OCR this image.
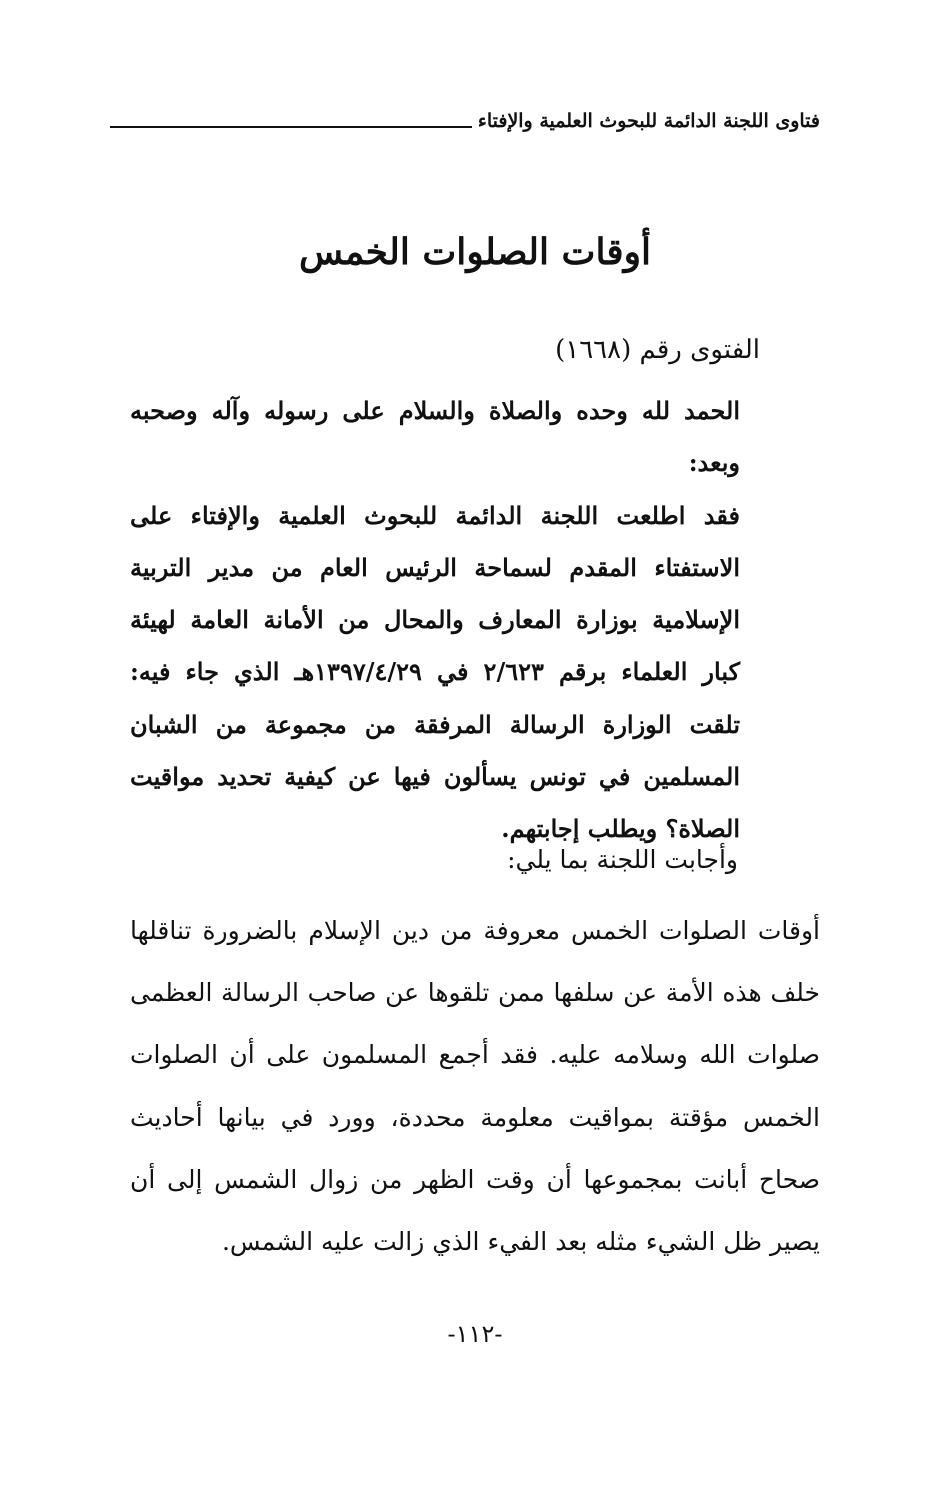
فتاوى اللجنة الدائمة للبحوث العلمية والإفتاء
أوقات الصلوات الخمس
الفتوى رقم (١٦٦٨)

الحمد لله وحده والصلاة والسلام على رسوله وآله وصحبه وبعد:

فقد اطلعت اللجنة الدائمة للبحوث العلمية والإفتاء على الاستفتاء المقدم لسماحة الرئيس العام من مدير التربية الإسلامية بوزارة المعارف والمحال من الأمانة العامة لهيئة كبار العلماء برقم ٢/٦٢٣ في ١٣٩٧/٤/٢٩هـ الذي جاء فيه: تلقت الوزارة الرسالة المرفقة من مجموعة من الشبان المسلمين في تونس يسألون فيها عن كيفية تحديد مواقيت الصلاة؟ ويطلب إجابتهم.

وأجابت اللجنة بما يلي:

أوقات الصلوات الخمس معروفة من دين الإسلام بالضرورة تناقلها خلف هذه الأمة عن سلفها ممن تلقوها عن صاحب الرسالة العظمى صلوات الله وسلامه عليه. فقد أجمع المسلمون على أن الصلوات الخمس مؤقتة بمواقيت معلومة محددة، وورد في بيانها أحاديث صحاح أبانت بمجموعها أن وقت الظهر من زوال الشمس إلى أن يصير ظل الشيء مثله بعد الفيء الذي زالت عليه الشمس.

-١١٢-
